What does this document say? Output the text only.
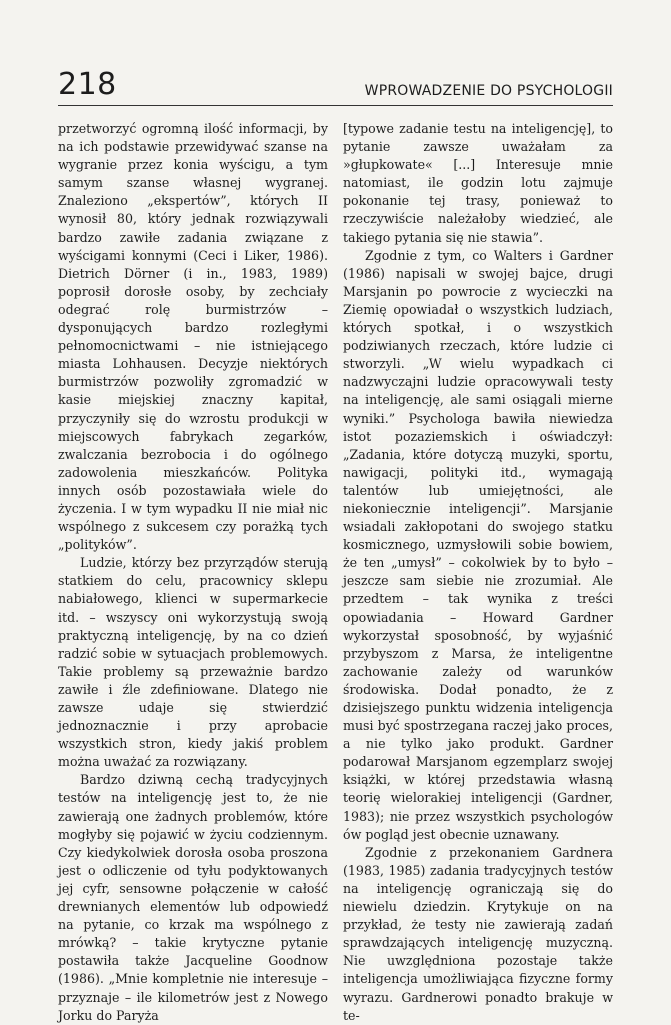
218	WPROWADZENIE DO PSYCHOLOGII

przetworzyć ogromną ilość informacji, by na ich podstawie przewidywać szanse na wygranie przez konia wyścigu, a tym samym szanse własnej wygranej. Znaleziono „ekspertów”, których II wynosił 80, który jednak rozwiązywali bardzo zawiłe zadania związane z wyścigami konnymi (Ceci i Liker, 1986). Dietrich Dörner (i in., 1983, 1989) poprosił dorosłe osoby, by zechciały odegrać rolę burmistrzów – dysponujących bardzo rozległymi pełnomocnictwami – nie istniejącego miasta Lohhausen. Decyzje niektórych burmistrzów pozwoliły zgromadzić w kasie miejskiej znaczny kapitał, przyczyniły się do wzrostu produkcji w miejscowych fabrykach zegarków, zwalczania bezrobocia i do ogólnego zadowolenia mieszkańców. Polityka innych osób pozostawiała wiele do życzenia. I w tym wypadku II nie miał nic wspólnego z sukcesem czy porażką tych „polityków”.

Ludzie, którzy bez przyrządów sterują statkiem do celu, pracownicy sklepu nabiałowego, klienci w supermarkecie itd. – wszyscy oni wykorzystują swoją praktyczną inteligencję, by na co dzień radzić sobie w sytuacjach problemowych. Takie problemy są przeważnie bardzo zawiłe i źle zdefiniowane. Dlatego nie zawsze udaje się stwierdzić jednoznacznie i przy aprobacie wszystkich stron, kiedy jakiś problem można uważać za rozwiązany.

Bardzo dziwną cechą tradycyjnych testów na inteligencję jest to, że nie zawierają one żadnych problemów, które mogłyby się pojawić w życiu codziennym. Czy kiedykolwiek dorosła osoba proszona jest o odliczenie od tyłu podyktowanych jej cyfr, sensowne połączenie w całość drewnianych elementów lub odpowiedź na pytanie, co krzak ma wspólnego z mrówką? – takie krytyczne pytanie postawiła także Jacqueline Goodnow (1986). „Mnie kompletnie nie interesuje – przyznaje – ile kilometrów jest z Nowego Jorku do Paryża

[typowe zadanie testu na inteligencję], to pytanie zawsze uważałam za »głupkowate« [...] Interesuje mnie natomiast, ile godzin lotu zajmuje pokonanie tej trasy, ponieważ to rzeczywiście należałoby wiedzieć, ale takiego pytania się nie stawia”.

Zgodnie z tym, co Walters i Gardner (1986) napisali w swojej bajce, drugi Marsjanin po powrocie z wycieczki na Ziemię opowiadał o wszystkich ludziach, których spotkał, i o wszystkich podziwianych rzeczach, które ludzie ci stworzyli. „W wielu wypadkach ci nadzwyczajni ludzie opracowywali testy na inteligencję, ale sami osiągali mierne wyniki.” Psychologa bawiła niewiedza istot pozaziemskich i oświadczył: „Zadania, które dotyczą muzyki, sportu, nawigacji, polityki itd., wymagają talentów lub umiejętności, ale niekoniecznie inteligencji”. Marsjanie wsiadali zakłopotani do swojego statku kosmicznego, uzmysłowili sobie bowiem, że ten „umysł” – cokolwiek by to było – jeszcze sam siebie nie zrozumiał. Ale przedtem – tak wynika z treści opowiadania – Howard Gardner wykorzystał sposobność, by wyjaśnić przybyszom z Marsa, że inteligentne zachowanie zależy od warunków środowiska. Dodał ponadto, że z dzisiejszego punktu widzenia inteligencja musi być spostrzegana raczej jako proces, a nie tylko jako produkt. Gardner podarował Marsjanom egzemplarz swojej książki, w której przedstawia własną teorię wielorakiej inteligencji (Gardner, 1983); nie przez wszystkich psychologów ów pogląd jest obecnie uznawany.

Zgodnie z przekonaniem Gardnera (1983, 1985) zadania tradycyjnych testów na inteligencję ograniczają się do niewielu dziedzin. Krytykuje on na przykład, że testy nie zawierają zadań sprawdzających inteligencję muzyczną. Nie uwzględniona pozostaje także inteligencja umożliwiająca fizyczne formy wyrazu. Gardnerowi ponadto brakuje w te-
